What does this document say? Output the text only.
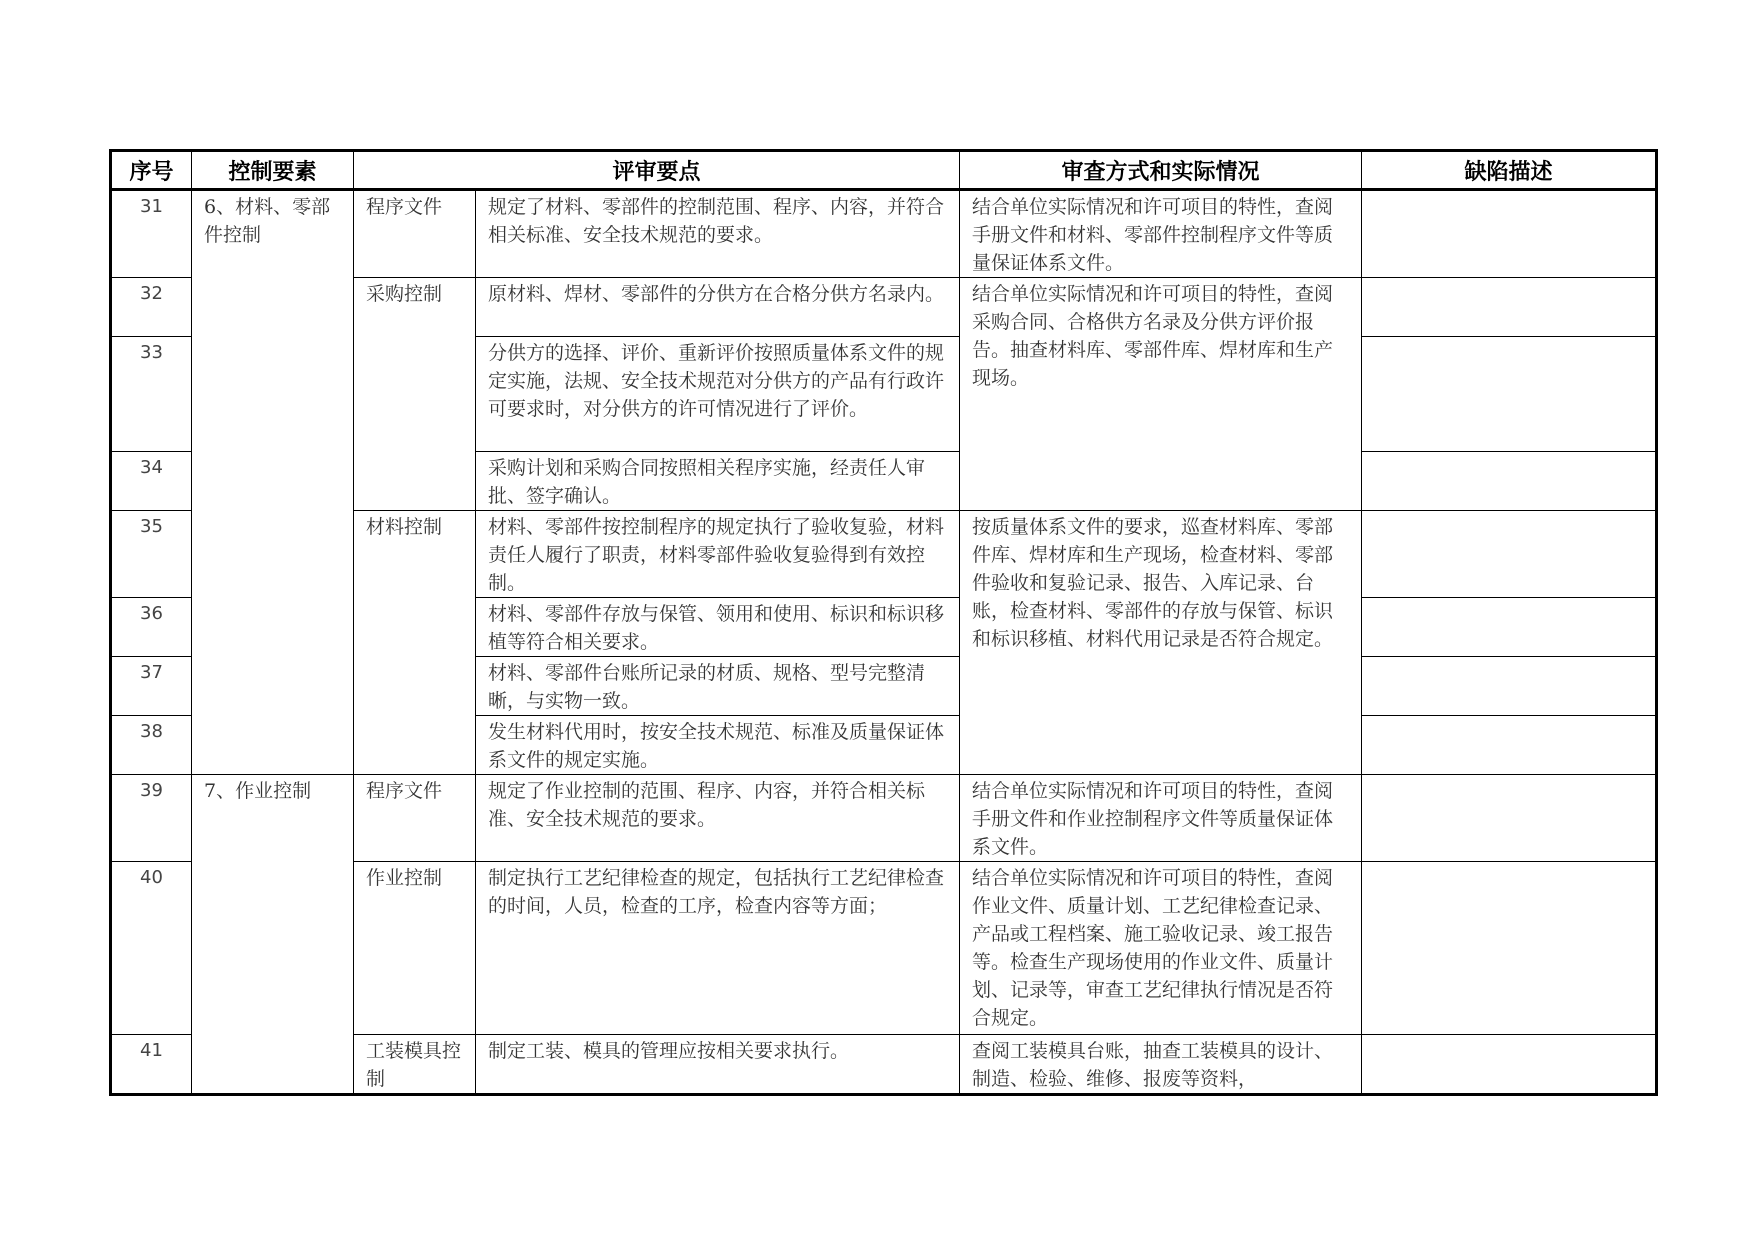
序号	控制要素	评审要点		审查方式和实际情况	缺陷描述
31	6、材料、零部件控制	程序文件	规定了材料、零部件的控制范围、程序、内容，并符合相关标准、安全技术规范的要求。	结合单位实际情况和许可项目的特性，查阅手册文件和材料、零部件控制程序文件等质量保证体系文件。	
32		采购控制	原材料、焊材、零部件的分供方在合格分供方名录内。	结合单位实际情况和许可项目的特性，查阅采购合同、合格供方名录及分供方评价报告。抽查材料库、零部件库、焊材库和生产现场。	
33			分供方的选择、评价、重新评价按照质量体系文件的规定实施，法规、安全技术规范对分供方的产品有行政许可要求时，对分供方的许可情况进行了评价。		
34			采购计划和采购合同按照相关程序实施，经责任人审批、签字确认。		
35		材料控制	材料、零部件按控制程序的规定执行了验收复验，材料责任人履行了职责，材料零部件验收复验得到有效控制。	按质量体系文件的要求，巡查材料库、零部件库、焊材库和生产现场，检查材料、零部件验收和复验记录、报告、入库记录、台账，检查材料、零部件的存放与保管、标识和标识移植、材料代用记录是否符合规定。	
36			材料、零部件存放与保管、领用和使用、标识和标识移植等符合相关要求。		
37			材料、零部件台账所记录的材质、规格、型号完整清晰，与实物一致。		
38			发生材料代用时，按安全技术规范、标准及质量保证体系文件的规定实施。		
39	7、作业控制	程序文件	规定了作业控制的范围、程序、内容，并符合相关标准、安全技术规范的要求。	结合单位实际情况和许可项目的特性，查阅手册文件和作业控制程序文件等质量保证体系文件。	
40		作业控制	制定执行工艺纪律检查的规定，包括执行工艺纪律检查的时间，人员，检查的工序，检查内容等方面；	结合单位实际情况和许可项目的特性，查阅作业文件、质量计划、工艺纪律检查记录、产品或工程档案、施工验收记录、竣工报告等。检查生产现场使用的作业文件、质量计划、记录等，审查工艺纪律执行情况是否符合规定。	
41		工装模具控制	制定工装、模具的管理应按相关要求执行。	查阅工装模具台账，抽查工装模具的设计、制造、检验、维修、报废等资料，	
